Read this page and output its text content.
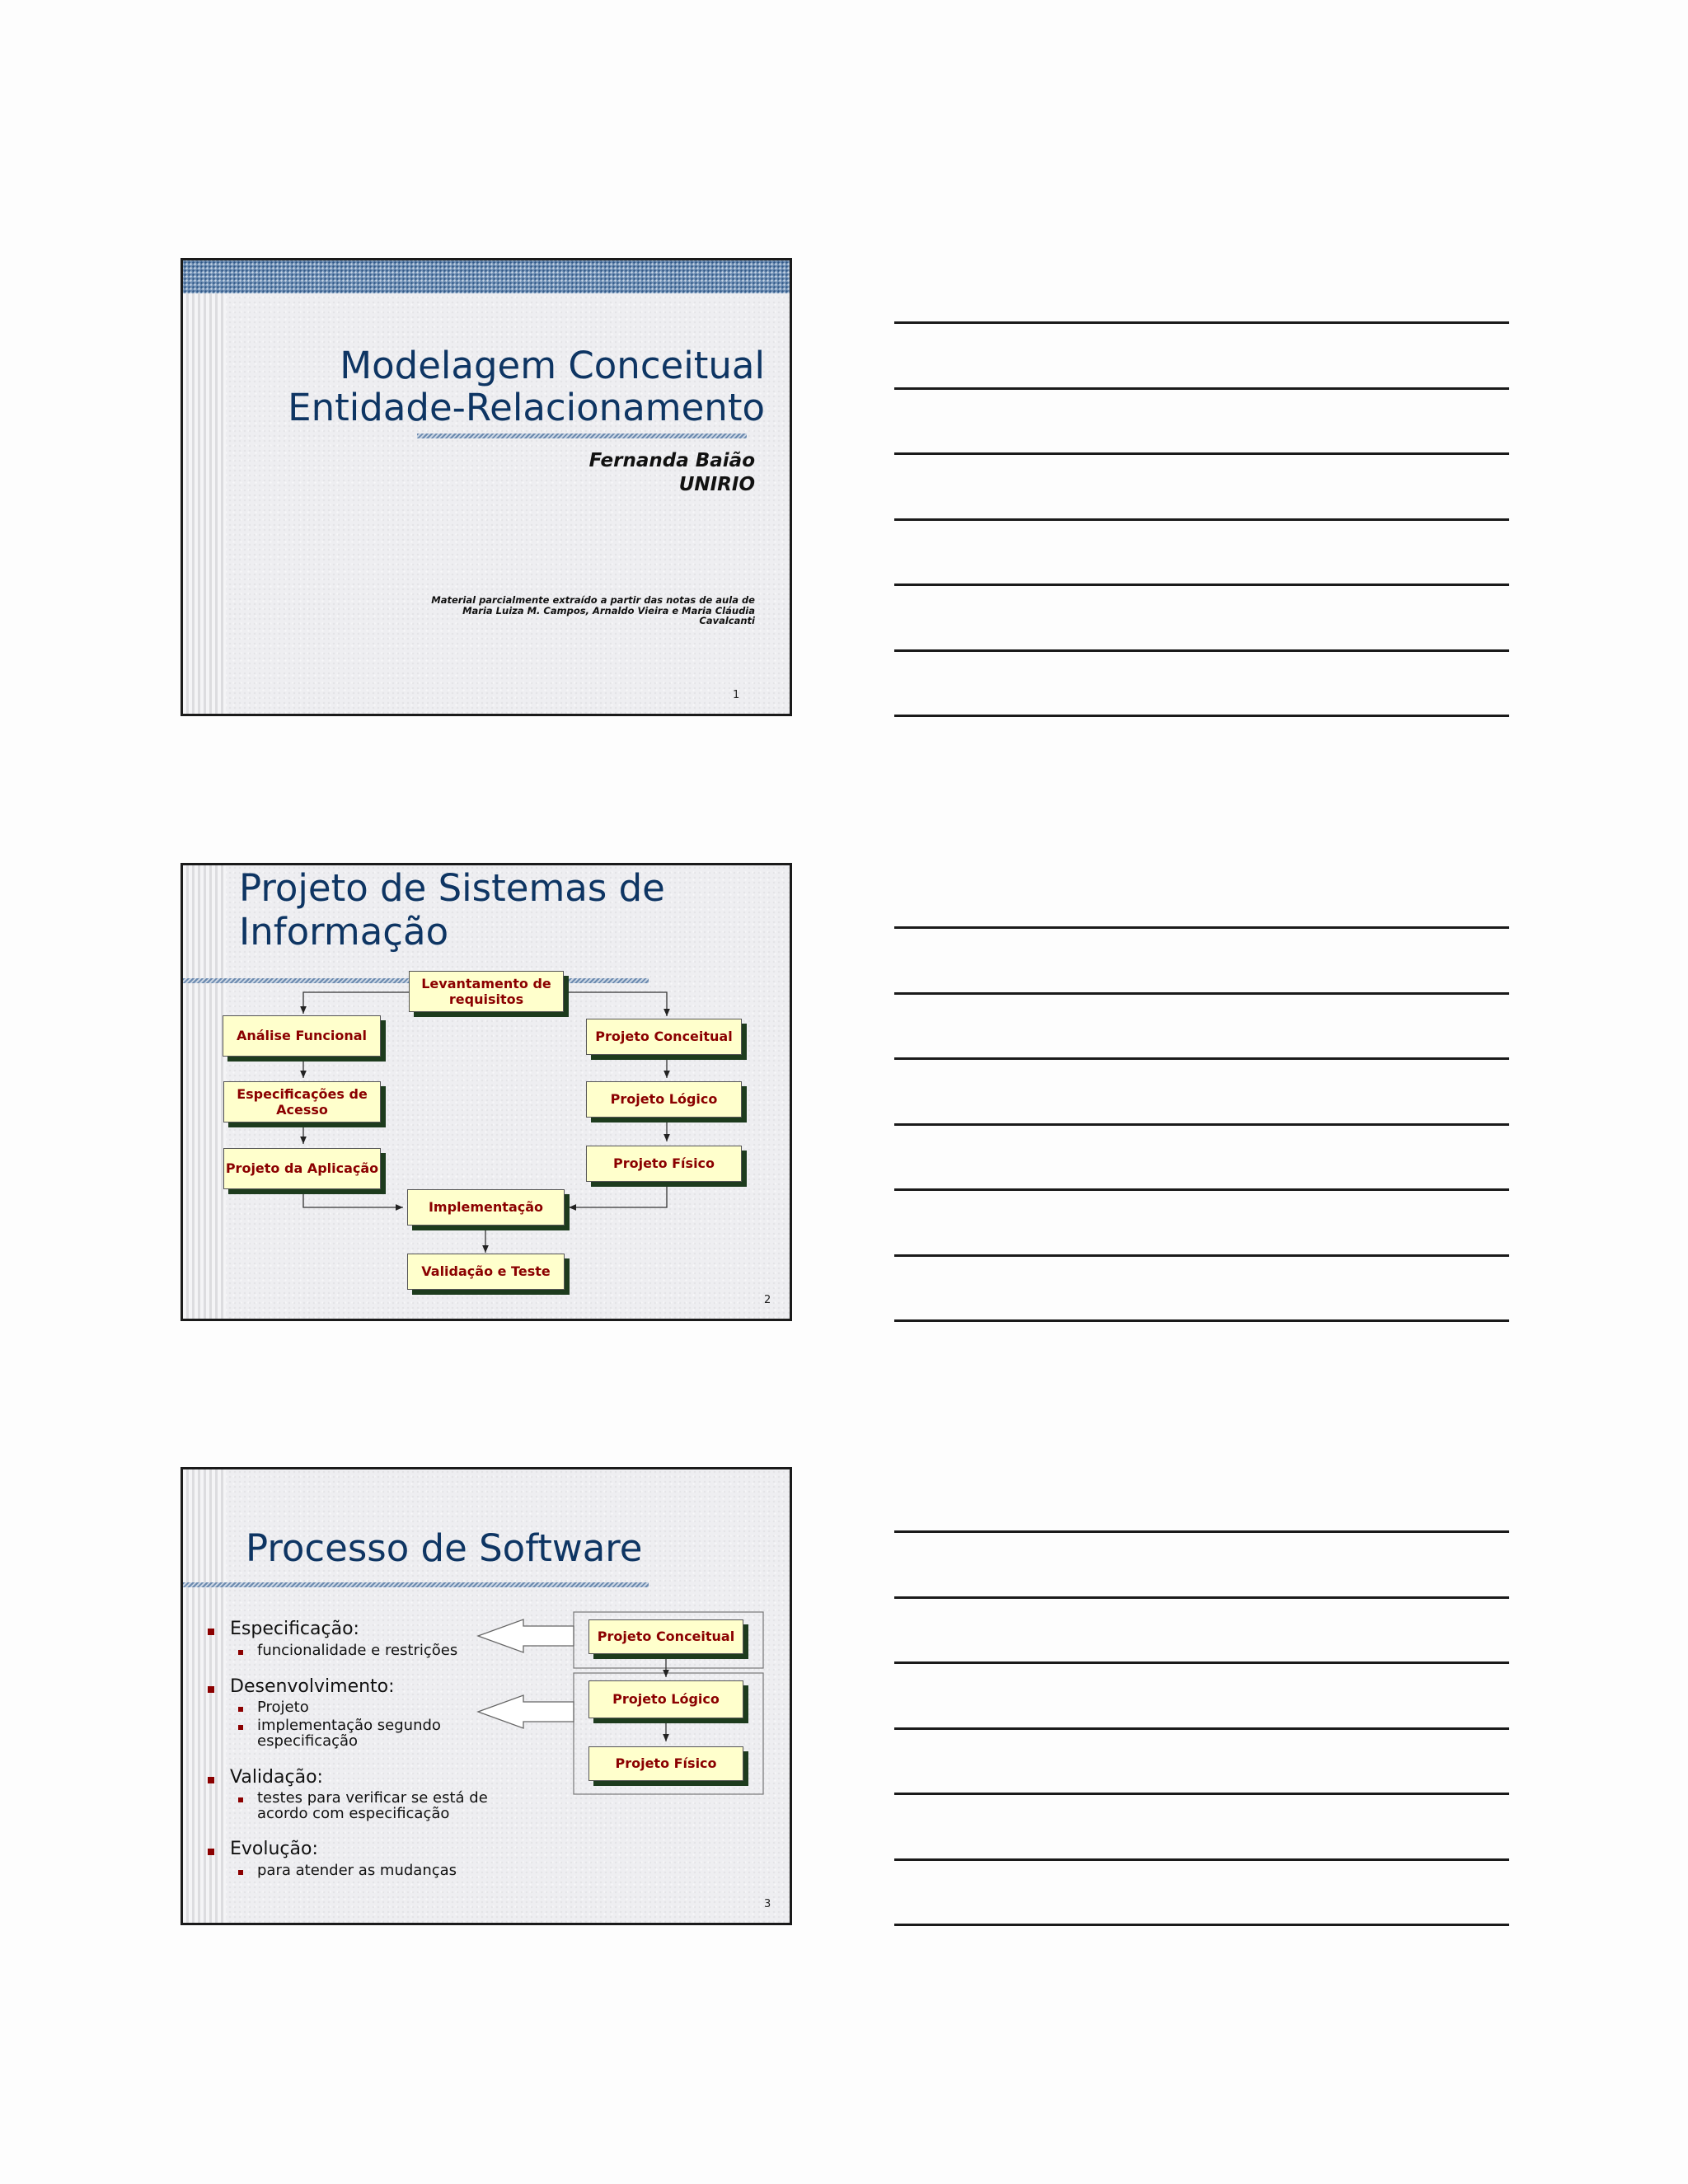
Modelagem Conceitual
Entidade-Relacionamento
Fernanda Baião
UNIRIO
Material parcialmente extraído a partir das notas de aula de
Maria Luiza M. Campos, Arnaldo Vieira e Maria Cláudia
Cavalcanti
1
Projeto de Sistemas de
Informação
Levantamento de requisitos
Análise Funcional
Especificações de Acesso
Projeto da Aplicação
Projeto Conceitual
Projeto Lógico
Projeto Físico
Implementação
Validação e Teste
2
Processo de Software
Especificação:
funcionalidade e restrições
Desenvolvimento:
Projeto
implementação segundo especificação
Validação:
testes para verificar se está de acordo com especificação
Evolução:
para atender as mudanças
Projeto Conceitual
Projeto Lógico
Projeto Físico
3
